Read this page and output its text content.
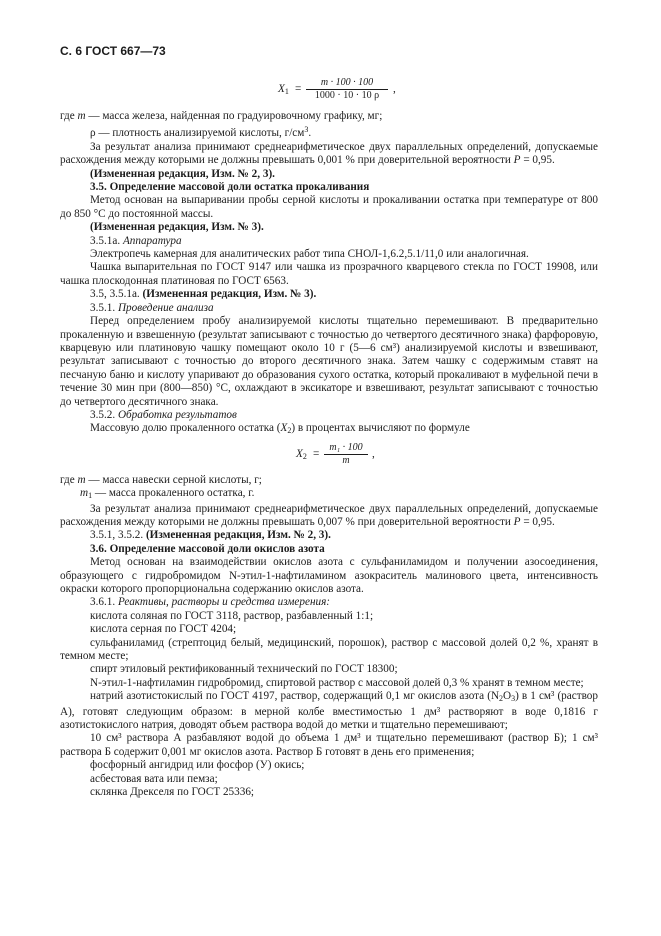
С. 6 ГОСТ 667—73
$X_1 = \frac{m \cdot 100 \cdot 100}{1000 \cdot 10 \cdot 10 \rho}$ ,

где m — масса железа, найденная по градуировочному графику, мг;

ρ — плотность анализируемой кислоты, $г/см^3$.

За результат анализа принимают среднеарифметическое двух параллельных определений, допускаемые расхождения между которыми не должны превышать 0,001 % при доверительной вероятности P = 0,95.

(Измененная редакция, Изм. № 2, 3).

3.5. Определение массовой доли остатка прокаливания

Метод основан на выпаривании пробы серной кислоты и прокаливании остатка при температуре от 800 до 850 °С до постоянной массы.

(Измененная редакция, Изм. № 3).

3.5.1а. Аппаратура

Электропечь камерная для аналитических работ типа СНОЛ-1,6.2,5.1/11,0 или аналогичная.

Чашка выпарительная по ГОСТ 9147 или чашка из прозрачного кварцевого стекла по ГОСТ 19908, или чашка плоскодонная платиновая по ГОСТ 6563.

3.5, 3.5.1а. (Измененная редакция, Изм. № 3).

3.5.1. Проведение анализа

Перед определением пробу анализируемой кислоты тщательно перемешивают. В предварительно прокаленную и взвешенную (результат записывают с точностью до четвертого десятичного знака) фарфоровую, кварцевую или платиновую чашку помещают около 10 г (5—6 см³) анализируемой кислоты и взвешивают, результат записывают с точностью до второго десятичного знака. Затем чашку с содержимым ставят на песчаную баню и кислоту упаривают до образования сухого остатка, который прокаливают в муфельной печи в течение 30 мин при (800—850) °С, охлаждают в эксикаторе и взвешивают, результат записывают с точностью до четвертого десятичного знака.

3.5.2. Обработка результатов

Массовую долю прокаленного остатка $(X_2)$ в процентах вычисляют по формуле

$X_2 = \frac{\text{m₁ · 100}}{m}$ ,

где m — масса навески серной кислоты, г;

$m_1$ — масса прокаленного остатка, г.

За результат анализа принимают среднеарифметическое двух параллельных определений, допускаемые расхождения между которыми не должны превышать 0,007 % при доверительной вероятности P = 0,95.

3.5.1, 3.5.2. (Измененная редакция, Изм. № 2, 3).

3.6. Определение массовой доли окислов азота

Метод основан на взаимодействии окислов азота с сульфаниламидом и получении азосоединения, образующего с гидробромидом N-этил-1-нафтиламином азокраситель малинового цвета, интенсивность окраски которого пропорциональна содержанию окислов азота.

3.6.1. Реактивы, растворы и средства измерения:

кислота соляная по ГОСТ 3118, раствор, разбавленный 1:1;

кислота серная по ГОСТ 4204;

сульфаниламид (стрептоцид белый, медицинский, порошок), раствор с массовой долей 0,2 %, хранят в темном месте;

спирт этиловый ректификованный технический по ГОСТ 18300;

N-этил-1-нафтиламин гидробромид, спиртовой раствор с массовой долей 0,3 % хранят в темном месте;

натрий азотистокислый по ГОСТ 4197, раствор, содержащий 0,1 мг окислов азота $(N_2O_3)$ в 1 см³ (раствор А), готовят следующим образом: в мерной колбе вместимостью 1 дм³ растворяют в воде 0,1816 г азотистокислого натрия, доводят объем раствора водой до метки и тщательно перемешивают;

10 см³ раствора А разбавляют водой до объема 1 дм³ и тщательно перемешивают (раствор Б); 1 см³ раствора Б содержит 0,001 мг окислов азота. Раствор Б готовят в день его применения;

фосфорный ангидрид или фосфор (У) окись;

асбестовая вата или пемза;

склянка Дрекселя по ГОСТ 25336;
